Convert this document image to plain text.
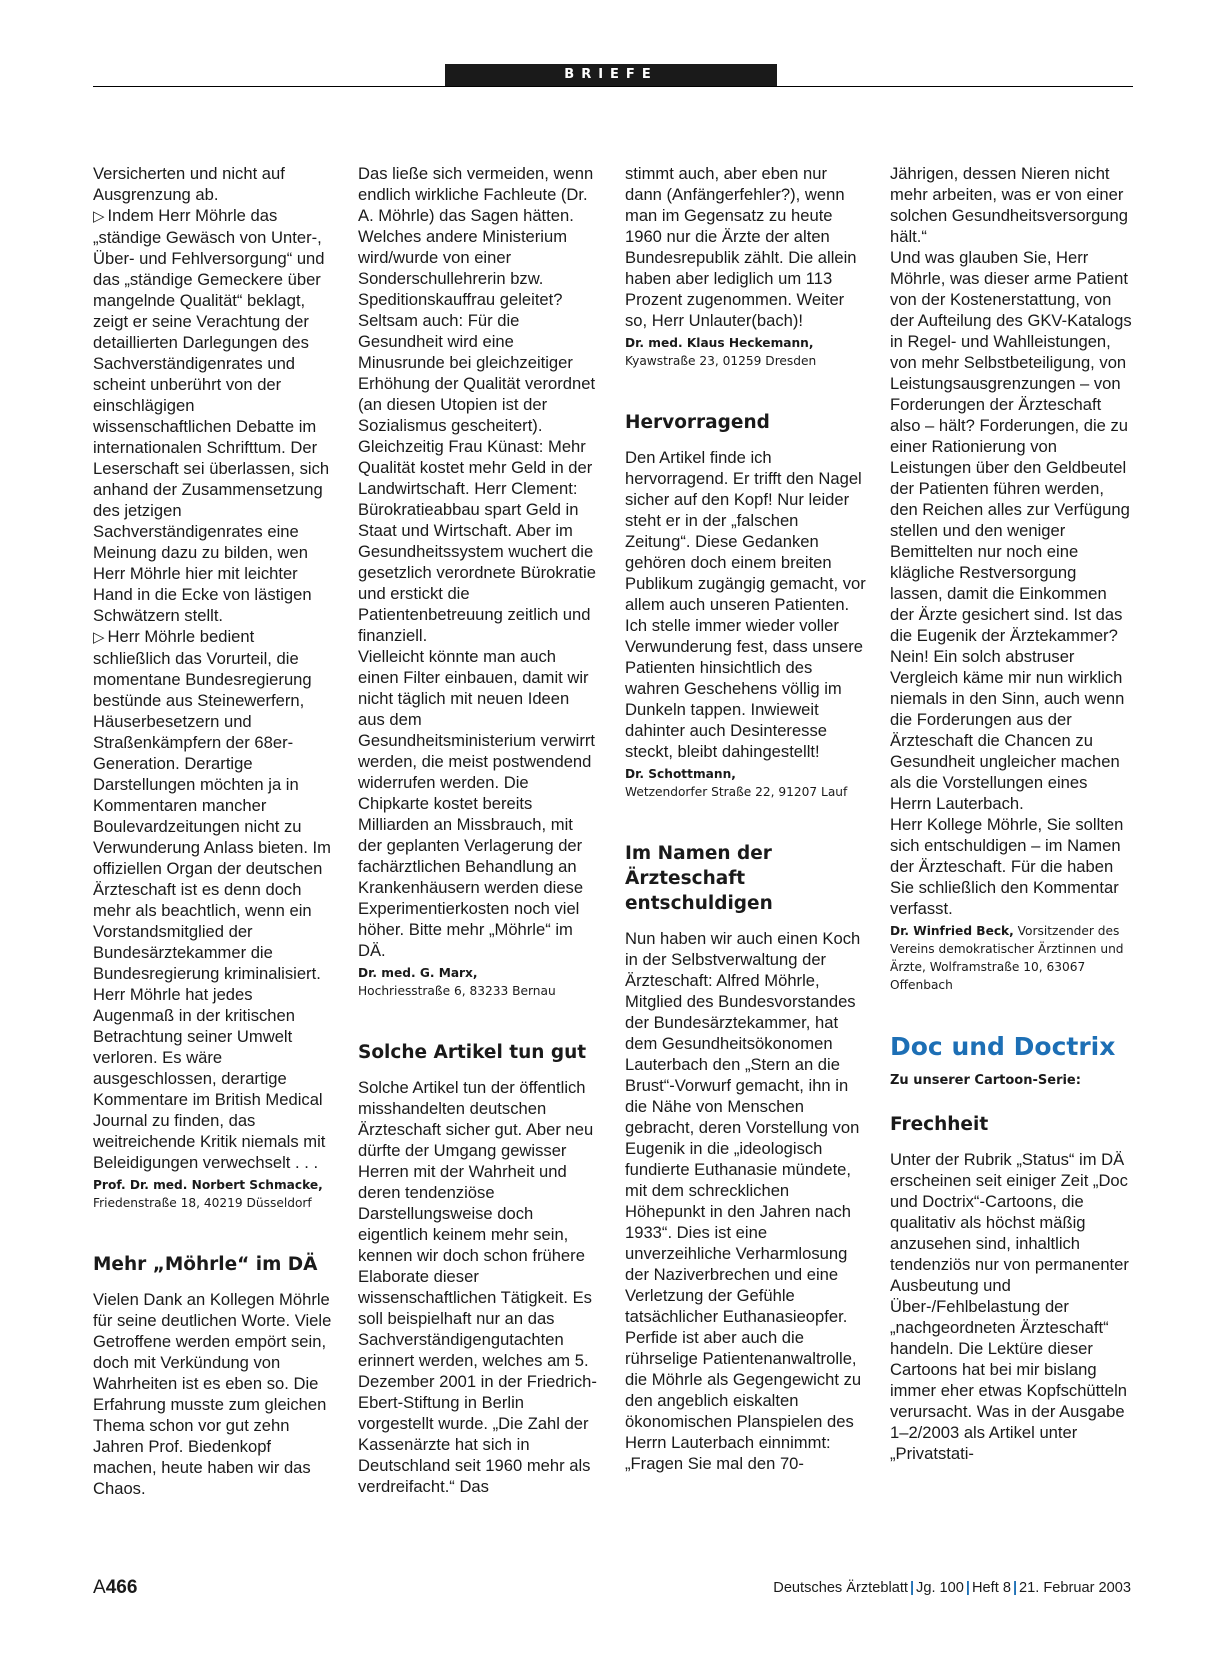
BRIEFE

Versicherten und nicht auf Ausgrenzung ab.

▷ Indem Herr Möhrle das „ständige Gewäsch von Unter-, Über- und Fehlversorgung“ und das „ständige Gemeckere über mangelnde Qualität“ beklagt, zeigt er seine Verachtung der detaillierten Darlegungen des Sachverständigenrates und scheint unberührt von der einschlägigen wissenschaftlichen Debatte im internationalen Schrifttum. Der Leserschaft sei überlassen, sich anhand der Zusammensetzung des jetzigen Sachverständigenrates eine Meinung dazu zu bilden, wen Herr Möhrle hier mit leichter Hand in die Ecke von lästigen Schwätzern stellt.

▷ Herr Möhrle bedient schließlich das Vorurteil, die momentane Bundesregierung bestünde aus Steinewerfern, Häuserbesetzern und Straßenkämpfern der 68er-Generation. Derartige Darstellungen möchten ja in Kommentaren mancher Boulevardzeitungen nicht zu Verwunderung Anlass bieten. Im offiziellen Organ der deutschen Ärzteschaft ist es denn doch mehr als beachtlich, wenn ein Vorstandsmitglied der Bundesärztekammer die Bundesregierung kriminalisiert.

Herr Möhrle hat jedes Augenmaß in der kritischen Betrachtung seiner Umwelt verloren. Es wäre ausgeschlossen, derartige Kommentare im British Medical Journal zu finden, das weitreichende Kritik niemals mit Beleidigungen verwechselt . . .

Prof. Dr. med. Norbert Schmacke,
Friedenstraße 18, 40219 Düsseldorf

Mehr „Möhrle“ im DÄ

Vielen Dank an Kollegen Möhrle für seine deutlichen Worte. Viele Getroffene werden empört sein, doch mit Verkündung von Wahrheiten ist es eben so. Die Erfahrung musste zum gleichen Thema schon vor gut zehn Jahren Prof. Biedenkopf machen, heute haben wir das Chaos.

Das ließe sich vermeiden, wenn endlich wirkliche Fachleute (Dr. A. Möhrle) das Sagen hätten. Welches andere Ministerium wird/wurde von einer Sonderschullehrerin bzw. Speditionskauffrau geleitet?

Seltsam auch: Für die Gesundheit wird eine Minusrunde bei gleichzeitiger Erhöhung der Qualität verordnet (an diesen Utopien ist der Sozialismus gescheitert). Gleichzeitig Frau Künast: Mehr Qualität kostet mehr Geld in der Landwirtschaft. Herr Clement: Bürokratieabbau spart Geld in Staat und Wirtschaft. Aber im Gesundheitssystem wuchert die gesetzlich verordnete Bürokratie und erstickt die Patientenbetreuung zeitlich und finanziell.

Vielleicht könnte man auch einen Filter einbauen, damit wir nicht täglich mit neuen Ideen aus dem Gesundheitsministerium verwirrt werden, die meist postwendend widerrufen werden. Die Chipkarte kostet bereits Milliarden an Missbrauch, mit der geplanten Verlagerung der fachärztlichen Behandlung an Krankenhäusern werden diese Experimentierkosten noch viel höher. Bitte mehr „Möhrle“ im DÄ.

Dr. med. G. Marx,
Hochriesstraße 6, 83233 Bernau

Solche Artikel tun gut

Solche Artikel tun der öffentlich misshandelten deutschen Ärzteschaft sicher gut. Aber neu dürfte der Umgang gewisser Herren mit der Wahrheit und deren tendenziöse Darstellungsweise doch eigentlich keinem mehr sein, kennen wir doch schon frühere Elaborate dieser wissenschaftlichen Tätigkeit. Es soll beispielhaft nur an das Sachverständigengutachten erinnert werden, welches am 5. Dezember 2001 in der Friedrich-Ebert-Stiftung in Berlin vorgestellt wurde. „Die Zahl der Kassenärzte hat sich in Deutschland seit 1960 mehr als verdreifacht.“ Das

stimmt auch, aber eben nur dann (Anfängerfehler?), wenn man im Gegensatz zu heute 1960 nur die Ärzte der alten Bundesrepublik zählt. Die allein haben aber lediglich um 113 Prozent zugenommen. Weiter so, Herr Unlauter(bach)!

Dr. med. Klaus Heckemann,
Kyawstraße 23, 01259 Dresden

Hervorragend

Den Artikel finde ich hervorragend. Er trifft den Nagel sicher auf den Kopf! Nur leider steht er in der „falschen Zeitung“. Diese Gedanken gehören doch einem breiten Publikum zugängig gemacht, vor allem auch unseren Patienten. Ich stelle immer wieder voller Verwunderung fest, dass unsere Patienten hinsichtlich des wahren Geschehens völlig im Dunkeln tappen. Inwieweit dahinter auch Desinteresse steckt, bleibt dahingestellt!

Dr. Schottmann,
Wetzendorfer Straße 22, 91207 Lauf

Im Namen der Ärzteschaft entschuldigen

Nun haben wir auch einen Koch in der Selbstverwaltung der Ärzteschaft: Alfred Möhrle, Mitglied des Bundesvorstandes der Bundesärztekammer, hat dem Gesundheitsökonomen Lauterbach den „Stern an die Brust“-Vorwurf gemacht, ihn in die Nähe von Menschen gebracht, deren Vorstellung von Eugenik in die „ideologisch fundierte Euthanasie mündete, mit dem schrecklichen Höhepunkt in den Jahren nach 1933“. Dies ist eine unverzeihliche Verharmlosung der Naziverbrechen und eine Verletzung der Gefühle tatsächlicher Euthanasieopfer. Perfide ist aber auch die rührselige Patientenanwaltrolle, die Möhrle als Gegengewicht zu den angeblich eiskalten ökonomischen Planspielen des Herrn Lauterbach einnimmt: „Fragen Sie mal den 70-

Jährigen, dessen Nieren nicht mehr arbeiten, was er von einer solchen Gesundheitsversorgung hält.“

Und was glauben Sie, Herr Möhrle, was dieser arme Patient von der Kostenerstattung, von der Aufteilung des GKV-Katalogs in Regel- und Wahlleistungen, von mehr Selbstbeteiligung, von Leistungsausgrenzungen – von Forderungen der Ärzteschaft also – hält? Forderungen, die zu einer Rationierung von Leistungen über den Geldbeutel der Patienten führen werden, den Reichen alles zur Verfügung stellen und den weniger Bemittelten nur noch eine klägliche Restversorgung lassen, damit die Einkommen der Ärzte gesichert sind. Ist das die Eugenik der Ärztekammer? Nein! Ein solch abstruser Vergleich käme mir nun wirklich niemals in den Sinn, auch wenn die Forderungen aus der Ärzteschaft die Chancen zu Gesundheit ungleicher machen als die Vorstellungen eines Herrn Lauterbach.

Herr Kollege Möhrle, Sie sollten sich entschuldigen – im Namen der Ärzteschaft. Für die haben Sie schließlich den Kommentar verfasst.

Dr. Winfried Beck, Vorsitzender des Vereins demokratischer Ärztinnen und Ärzte, Wolframstraße 10, 63067 Offenbach

Doc und Doctrix

Zu unserer Cartoon-Serie:

Frechheit

Unter der Rubrik „Status“ im DÄ erscheinen seit einiger Zeit „Doc und Doctrix“-Cartoons, die qualitativ als höchst mäßig anzusehen sind, inhaltlich tendenziös nur von permanenter Ausbeutung und Über-/Fehlbelastung der „nachgeordneten Ärzteschaft“ handeln. Die Lektüre dieser Cartoons hat bei mir bislang immer eher etwas Kopfschütteln verursacht. Was in der Ausgabe 1–2/2003 als Artikel unter „Privatstati-

A466	Deutsches Ärzteblatt | Jg. 100 | Heft 8 | 21. Februar 2003
